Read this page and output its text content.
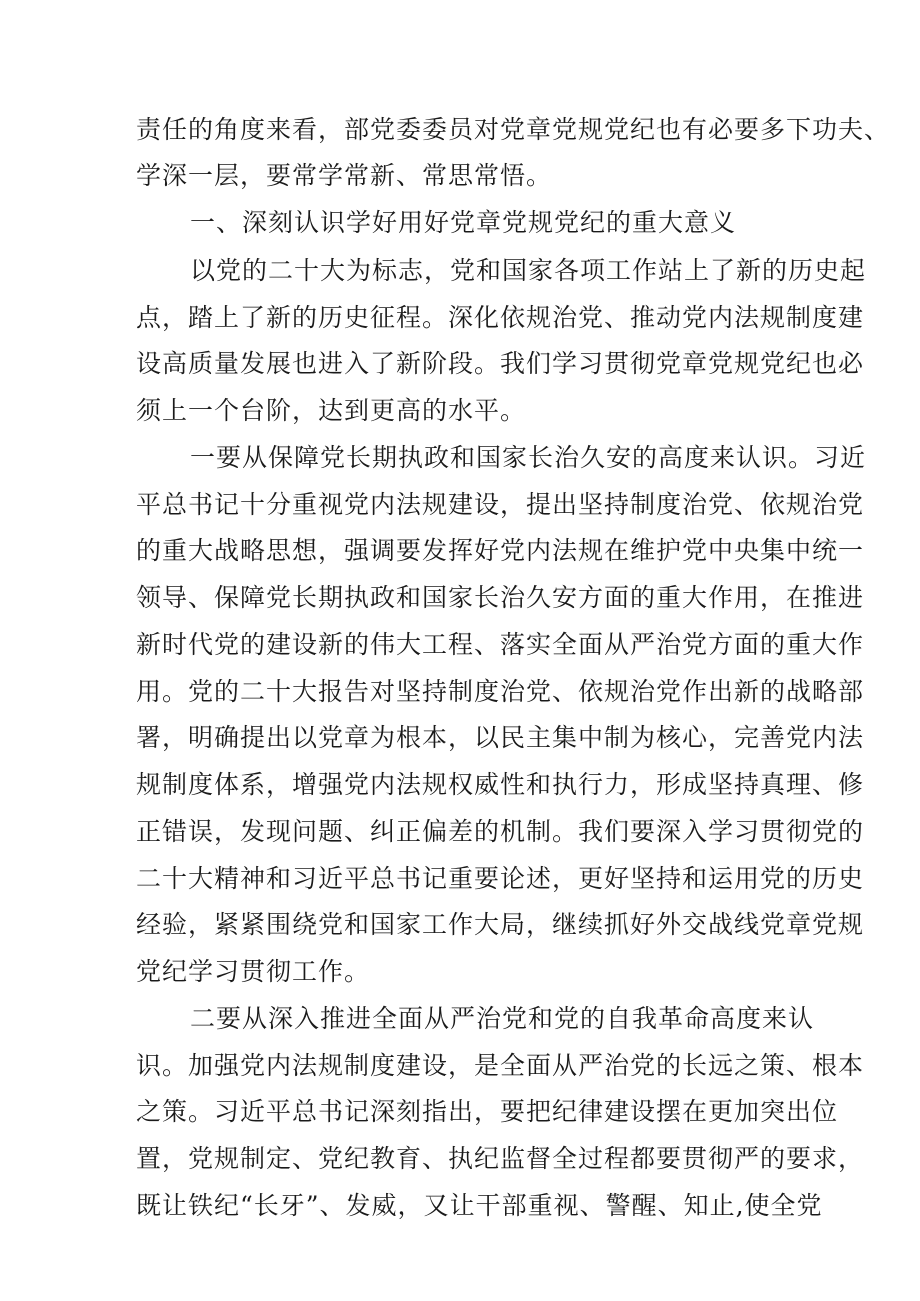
责任的角度来看，部党委委员对党章党规党纪也有必要多下功夫、
学深一层，要常学常新、常思常悟。
一、深刻认识学好用好党章党规党纪的重大意义
以党的二十大为标志，党和国家各项工作站上了新的历史起
点，踏上了新的历史征程。深化依规治党、推动党内法规制度建
设高质量发展也进入了新阶段。我们学习贯彻党章党规党纪也必
须上一个台阶，达到更高的水平。
一要从保障党长期执政和国家长治久安的高度来认识。习近
平总书记十分重视党内法规建设，提出坚持制度治党、依规治党
的重大战略思想，强调要发挥好党内法规在维护党中央集中统一
领导、保障党长期执政和国家长治久安方面的重大作用，在推进
新时代党的建设新的伟大工程、落实全面从严治党方面的重大作
用。党的二十大报告对坚持制度治党、依规治党作出新的战略部
署，明确提出以党章为根本，以民主集中制为核心，完善党内法
规制度体系，增强党内法规权威性和执行力，形成坚持真理、修
正错误，发现问题、纠正偏差的机制。我们要深入学习贯彻党的
二十大精神和习近平总书记重要论述，更好坚持和运用党的历史
经验，紧紧围绕党和国家工作大局，继续抓好外交战线党章党规
党纪学习贯彻工作。
二要从深入推进全面从严治党和党的自我革命高度来认
识。加强党内法规制度建设，是全面从严治党的长远之策、根本
之策。习近平总书记深刻指出，要把纪律建设摆在更加突出位
置，党规制定、党纪教育、执纪监督全过程都要贯彻严的要求，
既让铁纪“长牙”、发威，又让干部重视、警醒、知止,使全党
